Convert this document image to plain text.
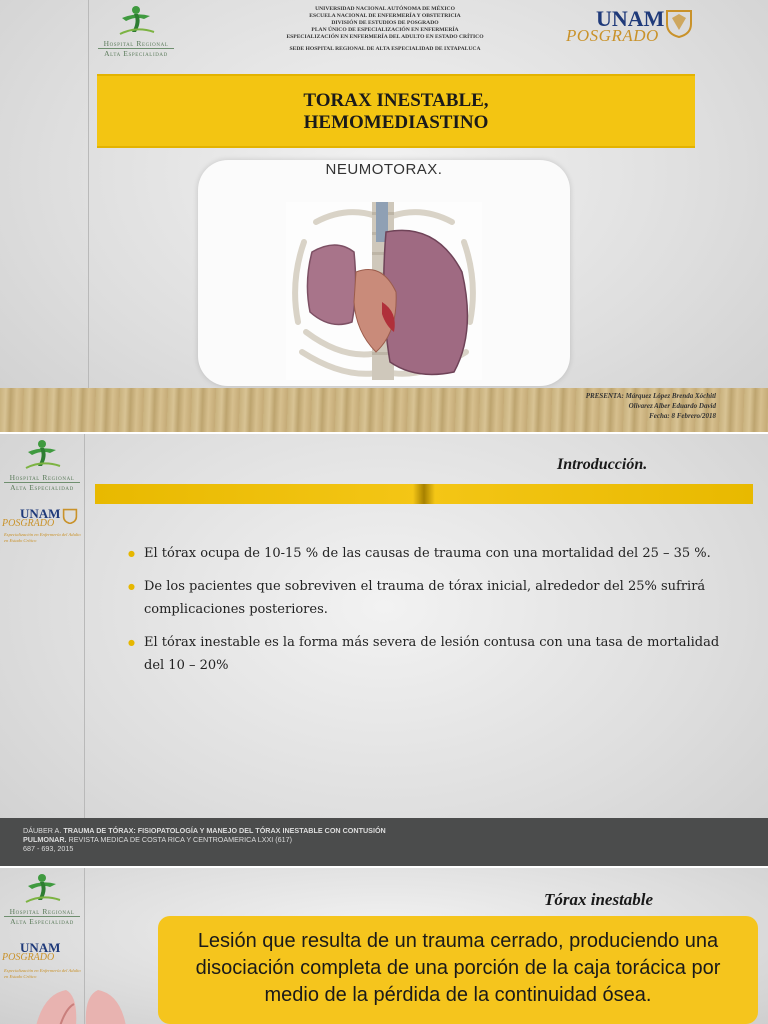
Hospital Regional
Alta Especialidad
UNIVERSIDAD NACIONAL AUTÓNOMA DE MÉXICO
ESCUELA NACIONAL DE ENFERMERÍA Y OBSTETRICIA
DIVISIÓN DE ESTUDIOS DE POSGRADO
PLAN ÚNICO DE ESPECIALIZACIÓN EN ENFERMERÍA
ESPECIALIZACIÓN EN ENFERMERÍA DEL ADULTO EN ESTADO CRÍTICO
SEDE HOSPITAL REGIONAL DE ALTA ESPECIALIDAD DE IXTAPALUCA
UNAM
POSGRADO
TORAX INESTABLE,
HEMOMEDIASTINO
NEUMOTORAX.
PRESENTA: Márquez López Brenda Xóchitl
Olivarez Alber Eduardo David
Fecha: 8 Febrero/2018
Hospital Regional
Alta Especialidad
UNAM
POSGRADO
Especialización en Enfermería del Adulto en Estado Crítico
Introducción.
● El tórax ocupa de 10-15 % de las causas de trauma con una mortalidad del 25 – 35 %.
● De los pacientes que sobreviven el trauma de tórax inicial, alrededor del 25% sufrirá complicaciones posteriores.
● El tórax inestable es la forma más severa de lesión contusa con una tasa de mortalidad del 10 – 20%
DÁUBER A. TRAUMA DE TÓRAX: FISIOPATOLOGÍA Y MANEJO DEL TÓRAX INESTABLE CON CONTUSIÓN PULMONAR. REVISTA MEDICA DE COSTA RICA Y CENTROAMERICA LXXI (617)
687 - 693, 2015
Hospital Regional
Alta Especialidad
UNAM
POSGRADO
Especialización en Enfermería del Adulto en Estado Crítico
Tórax inestable
Lesión que resulta de un trauma cerrado, produciendo una disociación completa de una porción de la caja torácica por medio de la pérdida de la continuidad ósea.
